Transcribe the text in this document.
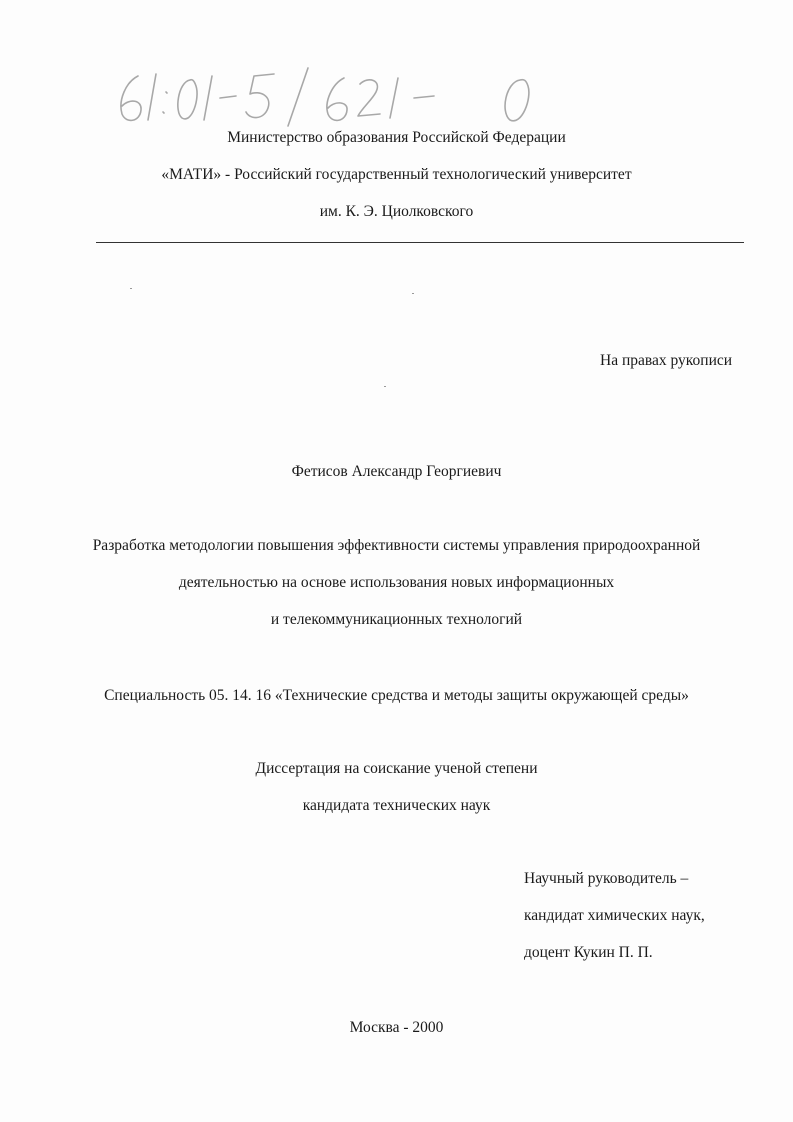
Министерство образования Российской Федерации
«МАТИ» - Российский государственный технологический университет
им. К. Э. Циолковского
На правах рукописи
Фетисов Александр Георгиевич
Разработка методологии повышения эффективности системы управления природоохранной
деятельностью на основе использования новых информационных
и телекоммуникационных технологий
Специальность 05. 14. 16 «Технические средства и методы защиты окружающей среды»
Диссертация на соискание ученой степени
кандидата технических наук
Научный руководитель –
кандидат химических наук,
доцент Кукин П. П.
Москва - 2000
